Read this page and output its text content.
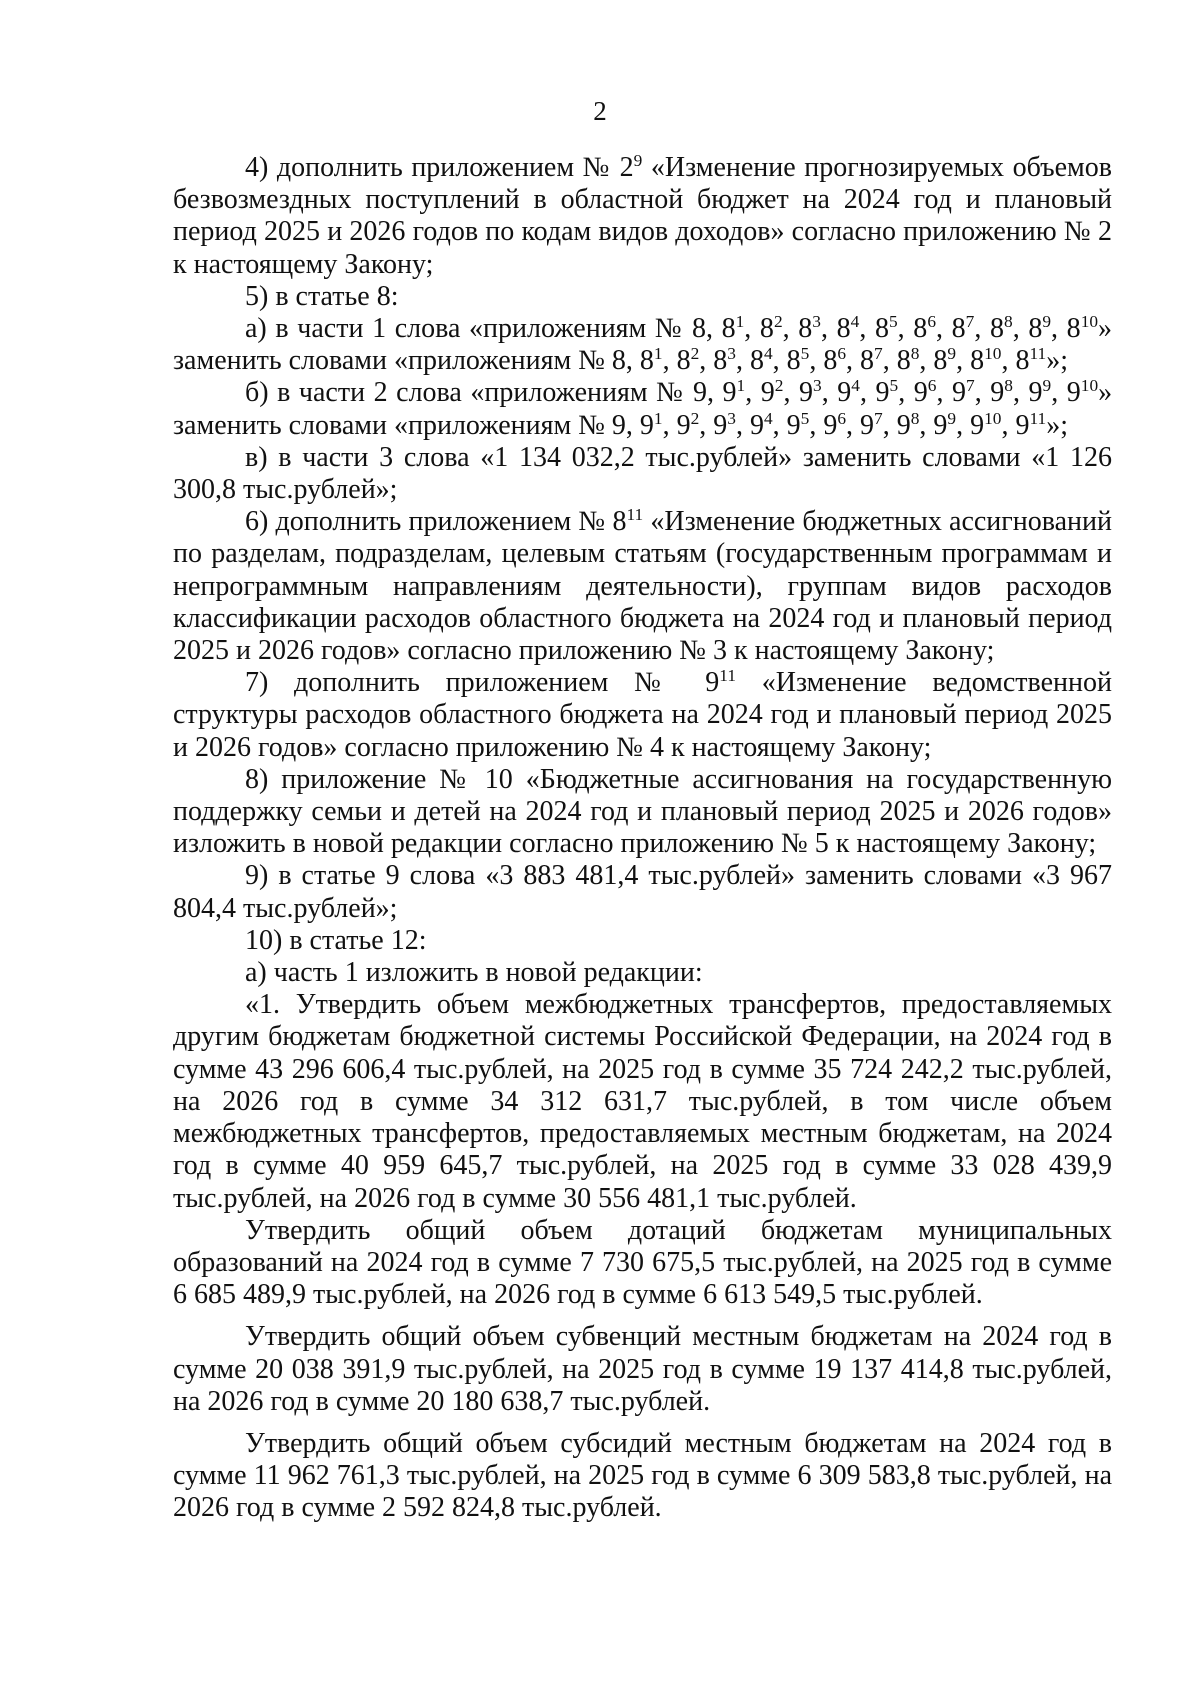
2

4) дополнить приложением № $2^9$ «Изменение прогнозируемых объемов безвозмездных поступлений в областной бюджет на 2024 год и плановый период 2025 и 2026 годов по кодам видов доходов» согласно приложению № 2 к настоящему Закону;

5) в статье 8:

а) в части 1 слова «приложениям № 8, $8^1$, $8^2$, $8^3$, $8^4$, $8^5$, $8^6$, $8^7$, $8^8$, $8^9$, $8^{10}$» заменить словами «приложениям № 8, $8^1$, $8^2$, $8^3$, $8^4$, $8^5$, $8^6$, $8^7$, $8^8$, $8^9$, $8^{10}$, $8^{11}$»;

б) в части 2 слова «приложениям № 9, $9^1$, $9^2$, $9^3$, $9^4$, $9^5$, $9^6$, $9^7$, $9^8$, $9^9$, $9^{10}$» заменить словами «приложениям № 9, $9^1$, $9^2$, $9^3$, $9^4$, $9^5$, $9^6$, $9^7$, $9^8$, $9^9$, $9^{10}$, $9^{11}$»;

в) в части 3 слова «1 134 032,2 тыс.рублей» заменить словами «1 126 300,8 тыс.рублей»;

6) дополнить приложением № $8^{11}$ «Изменение бюджетных ассигнований по разделам, подразделам, целевым статьям (государственным программам и непрограммным направлениям деятельности), группам видов расходов классификации расходов областного бюджета на 2024 год и плановый период 2025 и 2026 годов» согласно приложению № 3 к настоящему Закону;

7) дополнить приложением № $9^{11}$ «Изменение ведомственной структуры расходов областного бюджета на 2024 год и плановый период 2025 и 2026 годов» согласно приложению № 4 к настоящему Закону;

8) приложение № 10 «Бюджетные ассигнования на государственную поддержку семьи и детей на 2024 год и плановый период 2025 и 2026 годов» изложить в новой редакции согласно приложению № 5 к настоящему Закону;

9) в статье 9 слова «3 883 481,4 тыс.рублей» заменить словами «3 967 804,4 тыс.рублей»;

10) в статье 12:

а) часть 1 изложить в новой редакции:

«1. Утвердить объем межбюджетных трансфертов, предоставляемых другим бюджетам бюджетной системы Российской Федерации, на 2024 год в сумме 43 296 606,4 тыс.рублей, на 2025 год в сумме 35 724 242,2 тыс.рублей, на 2026 год в сумме 34 312 631,7 тыс.рублей, в том числе объем межбюджетных трансфертов, предоставляемых местным бюджетам, на 2024 год в сумме 40 959 645,7 тыс.рублей, на 2025 год в сумме 33 028 439,9 тыс.рублей, на 2026 год в сумме 30 556 481,1 тыс.рублей.

Утвердить общий объем дотаций бюджетам муниципальных образований на 2024 год в сумме 7 730 675,5 тыс.рублей, на 2025 год в сумме 6 685 489,9 тыс.рублей, на 2026 год в сумме 6 613 549,5 тыс.рублей.

Утвердить общий объем субвенций местным бюджетам на 2024 год в сумме 20 038 391,9 тыс.рублей, на 2025 год в сумме 19 137 414,8 тыс.рублей, на 2026 год в сумме 20 180 638,7 тыс.рублей.

Утвердить общий объем субсидий местным бюджетам на 2024 год в сумме 11 962 761,3 тыс.рублей, на 2025 год в сумме 6 309 583,8 тыс.рублей, на 2026 год в сумме 2 592 824,8 тыс.рублей.
